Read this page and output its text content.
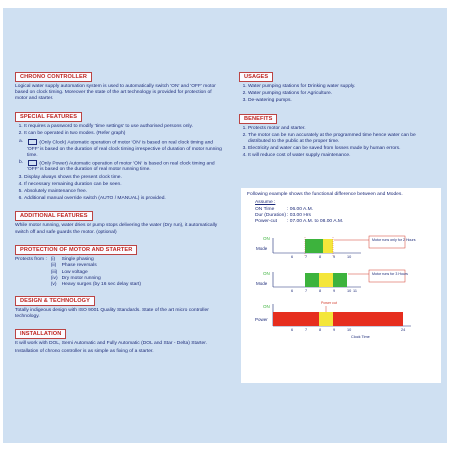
CHRONO CONTROLLER

Logical water supply automation system is used to automatically switch 'ON' and 'OFF' motor based on clock timing. Moreover the state of the art technology is provided for protection of motor and starter.

SPECIAL FEATURES
1. It requires a password to modify 'time settings' to use authorised persons only.
2. It can be operated in two modes. (Refer graph)
a.	(Only Clock) Automatic operation of motor 'ON' is based on real clock timing and 'OFF' is based on the duration of real clock timing irrespective of duration of motor running time.
b.	(Only Power) Automatic operation of motor 'ON' is based on real clock timing and 'OFF' is based on the duration of real motor running time.
3. Display always shows the present clock time.
4. If necessary remaining duration can be seen.
5. Absolutely maintenance free.
6. Additional manual override switch (AUTO / MANUAL) is provided.
ADDITIONAL FEATURES

While motor running, water dries or pump stops delivering the water (Dry run), it automatically switch off and safe guards the motor. (optional)

PROTECTION OF MOTOR AND STARTER
Protects from :	(i)	Single phasing
	(ii)	Phase reversals
	(iii)	Low voltage
	(iv)	Dry motor running
	(v)	Heavy surges (by 16 sec delay start)
DESIGN & TECHNOLOGY

Totally indigeous design with ISO 9001 Quality Standards. State of the art micro controller technology.

INSTALLATION

It will work with DOL, Semi Automatic and Fully Automatic (DOL and Star - Delta) Starter.

Installation of chrono controller is as simple as fixing of a starter.

USAGES
1. Water pumping stations for Drinking water supply.
2. Water pumping stations for Agriculture.
3. De-watering pumps.
BENEFITS
1. Protects motor and starter.
2. The motor can be run accurately at the programmed time hence water can be distributed to the public at the proper time.
3. Electricity and water can be saved from losses made by human errors.
4. It will reduce cost of water supply maintenance.
Following example shows the functional difference between and Modes.
Assume :
ON Time	: 06.00 A.M.
Dur (Duration) : 03.00 Hrs
Power-cut	: 07.00 A.M. to 08.00 A.M.
ON
Mode
6	7	8	9	10
Motor runs only for 2 Hours
ON
Mode
6	7	8	9	10 11
Motor runs for 3 Hours
ON
Power
Power cut
6	7	8	9	10	24
Clock Time
